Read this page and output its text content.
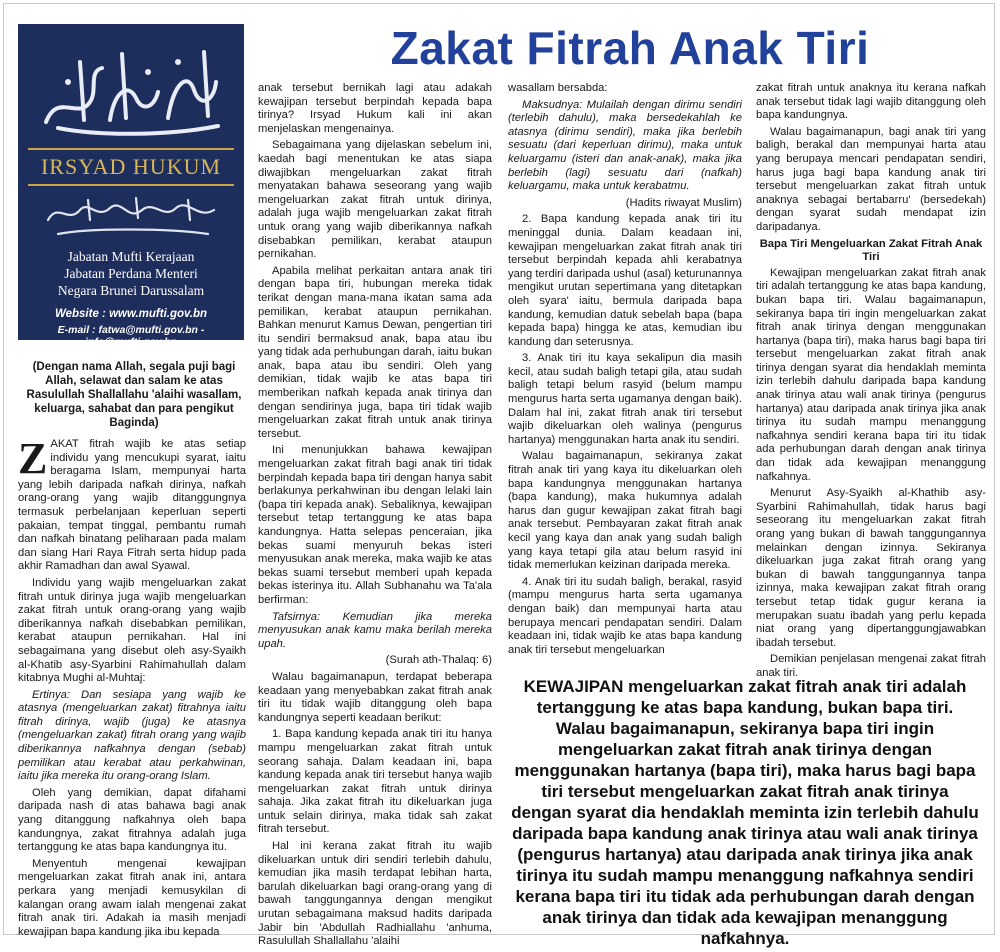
IRSYAD HUKUM
Jabatan Mufti Kerajaan
Jabatan Perdana Menteri
Negara Brunei Darussalam
Website : www.mufti.gov.bn
E-mail : fatwa@mufti.gov.bn - info@mufti.gov.bn
(Dengan nama Allah, segala puji bagi Allah, selawat dan salam ke atas Rasulullah Shallallahu 'alaihi wasallam, keluarga, sahabat dan para pengikut Baginda)
Zakat Fitrah Anak Tiri

ZAKAT fitrah wajib ke atas setiap individu yang mencukupi syarat, iaitu beragama Islam, mempunyai harta yang lebih daripada nafkah dirinya, nafkah orang-orang yang wajib ditanggungnya termasuk perbelanjaan keperluan seperti pakaian, tempat tinggal, pembantu rumah dan nafkah binatang peliharaan pada malam dan siang Hari Raya Fitrah serta hidup pada akhir Ramadhan dan awal Syawal.

Individu yang wajib mengeluarkan zakat fitrah untuk dirinya juga wajib mengeluarkan zakat fitrah untuk orang-orang yang wajib diberikannya nafkah disebabkan pemilikan, kerabat ataupun pernikahan. Hal ini sebagaimana yang disebut oleh asy-Syaikh al-Khatib asy-Syarbini Rahimahullah dalam kitabnya Mughi al-Muhtaj:

Ertinya: Dan sesiapa yang wajib ke atasnya (mengeluarkan zakat) fitrahnya iaitu fitrah dirinya, wajib (juga) ke atasnya (mengeluarkan zakat) fitrah orang yang wajib diberikannya nafkahnya dengan (sebab) pemilikan atau kerabat atau perkahwinan, iaitu jika mereka itu orang-orang Islam.

Oleh yang demikian, dapat difahami daripada nash di atas bahawa bagi anak yang ditanggung nafkahnya oleh bapa kandungnya, zakat fitrahnya adalah juga tertanggung ke atas bapa kandungnya itu.

Menyentuh mengenai kewajipan mengeluarkan zakat fitrah anak ini, antara perkara yang menjadi kemusykilan di kalangan orang awam ialah mengenai zakat fitrah anak tiri. Adakah ia masih menjadi kewajipan bapa kandung jika ibu kepada

anak tersebut bernikah lagi atau adakah kewajipan tersebut berpindah kepada bapa tirinya? Irsyad Hukum kali ini akan menjelaskan mengenainya.

Sebagaimana yang dijelaskan sebelum ini, kaedah bagi menentukan ke atas siapa diwajibkan mengeluarkan zakat fitrah menyatakan bahawa seseorang yang wajib mengeluarkan zakat fitrah untuk dirinya, adalah juga wajib mengeluarkan zakat fitrah untuk orang yang wajib diberikannya nafkah disebabkan pemilikan, kerabat ataupun pernikahan.

Apabila melihat perkaitan antara anak tiri dengan bapa tiri, hubungan mereka tidak terikat dengan mana-mana ikatan sama ada pemilikan, kerabat ataupun pernikahan. Bahkan menurut Kamus Dewan, pengertian tiri itu sendiri bermaksud anak, bapa atau ibu yang tidak ada perhubungan darah, iaitu bukan anak, bapa atau ibu sendiri. Oleh yang demikian, tidak wajib ke atas bapa tiri memberikan nafkah kepada anak tirinya dan dengan sendirinya juga, bapa tiri tidak wajib mengeluarkan zakat fitrah untuk anak tirinya tersebut.

Ini menunjukkan bahawa kewajipan mengeluarkan zakat fitrah bagi anak tiri tidak berpindah kepada bapa tiri dengan hanya sabit berlakunya perkahwinan ibu dengan lelaki lain (bapa tiri kepada anak). Sebaliknya, kewajipan tersebut tetap tertanggung ke atas bapa kandungnya. Hatta selepas penceraian, jika bekas suami menyuruh bekas isteri menyusukan anak mereka, maka wajib ke atas bekas suami tersebut memberi upah kepada bekas isterinya itu. Allah Subhanahu wa Ta'ala berfirman:

Tafsirnya: Kemudian jika mereka menyusukan anak kamu maka berilah mereka upah.

(Surah ath-Thalaq: 6)

Walau bagaimanapun, terdapat beberapa keadaan yang menyebabkan zakat fitrah anak tiri itu tidak wajib ditanggung oleh bapa kandungnya seperti keadaan berikut:

1. Bapa kandung kepada anak tiri itu hanya mampu mengeluarkan zakat fitrah untuk seorang sahaja. Dalam keadaan ini, bapa kandung kepada anak tiri tersebut hanya wajib mengeluarkan zakat fitrah untuk dirinya sahaja. Jika zakat fitrah itu dikeluarkan juga untuk selain dirinya, maka tidak sah zakat fitrah tersebut.

Hal ini kerana zakat fitrah itu wajib dikeluarkan untuk diri sendiri terlebih dahulu, kemudian jika masih terdapat lebihan harta, barulah dikeluarkan bagi orang-orang yang di bawah tanggungannya dengan mengikut urutan sebagaimana maksud hadits daripada Jabir bin 'Abdullah Radhiallahu 'anhuma, Rasulullah Shallallahu 'alaihi

wasallam bersabda:

Maksudnya: Mulailah dengan dirimu sendiri (terlebih dahulu), maka bersedekahlah ke atasnya (dirimu sendiri), maka jika berlebih sesuatu (dari keperluan dirimu), maka untuk keluargamu (isteri dan anak-anak), maka jika berlebih (lagi) sesuatu dari (nafkah) keluargamu, maka untuk kerabatmu.

(Hadits riwayat Muslim)

2. Bapa kandung kepada anak tiri itu meninggal dunia. Dalam keadaan ini, kewajipan mengeluarkan zakat fitrah anak tiri tersebut berpindah kepada ahli kerabatnya yang terdiri daripada ushul (asal) keturunannya mengikut urutan sepertimana yang ditetapkan oleh syara' iaitu, bermula daripada bapa kandung, kemudian datuk sebelah bapa (bapa kepada bapa) hingga ke atas, kemudian ibu kandung dan seterusnya.

3. Anak tiri itu kaya sekalipun dia masih kecil, atau sudah baligh tetapi gila, atau sudah baligh tetapi belum rasyid (belum mampu mengurus harta serta ugamanya dengan baik). Dalam hal ini, zakat fitrah anak tiri tersebut wajib dikeluarkan oleh walinya (pengurus hartanya) menggunakan harta anak itu sendiri.

Walau bagaimanapun, sekiranya zakat fitrah anak tiri yang kaya itu dikeluarkan oleh bapa kandungnya menggunakan hartanya (bapa kandung), maka hukumnya adalah harus dan gugur kewajipan zakat fitrah bagi anak tersebut. Pembayaran zakat fitrah anak kecil yang kaya dan anak yang sudah baligh yang kaya tetapi gila atau belum rasyid ini tidak memerlukan keizinan daripada mereka.

4. Anak tiri itu sudah baligh, berakal, rasyid (mampu mengurus harta serta ugamanya dengan baik) dan mempunyai harta atau berupaya mencari pendapatan sendiri. Dalam keadaan ini, tidak wajib ke atas bapa kandung anak tiri tersebut mengeluarkan

zakat fitrah untuk anaknya itu kerana nafkah anak tersebut tidak lagi wajib ditanggung oleh bapa kandungnya.

Walau bagaimanapun, bagi anak tiri yang baligh, berakal dan mempunyai harta atau yang berupaya mencari pendapatan sendiri, harus juga bagi bapa kandung anak tiri tersebut mengeluarkan zakat fitrah untuk anaknya sebagai bertabarru' (bersedekah) dengan syarat sudah mendapat izin daripadanya.

Bapa Tiri Mengeluarkan Zakat Fitrah Anak Tiri

Kewajipan mengeluarkan zakat fitrah anak tiri adalah tertanggung ke atas bapa kandung, bukan bapa tiri. Walau bagaimanapun, sekiranya bapa tiri ingin mengeluarkan zakat fitrah anak tirinya dengan menggunakan hartanya (bapa tiri), maka harus bagi bapa tiri tersebut mengeluarkan zakat fitrah anak tirinya dengan syarat dia hendaklah meminta izin terlebih dahulu daripada bapa kandung anak tirinya atau wali anak tirinya (pengurus hartanya) atau daripada anak tirinya jika anak tirinya itu sudah mampu menanggung nafkahnya sendiri kerana bapa tiri itu tidak ada perhubungan darah dengan anak tirinya dan tidak ada kewajipan menanggung nafkahnya.

Menurut Asy-Syaikh al-Khathib asy-Syarbini Rahimahullah, tidak harus bagi seseorang itu mengeluarkan zakat fitrah orang yang bukan di bawah tanggungannya melainkan dengan izinnya. Sekiranya dikeluarkan juga zakat fitrah orang yang bukan di bawah tanggungannya tanpa izinnya, maka kewajipan zakat fitrah orang tersebut tetap tidak gugur kerana ia merupakan suatu ibadah yang perlu kepada niat orang yang dipertanggungjawabkan ibadah tersebut.

Demikian penjelasan mengenai zakat fitrah anak tiri.

KEWAJIPAN mengeluarkan zakat fitrah anak tiri adalah tertanggung ke atas bapa kandung, bukan bapa tiri. Walau bagaimanapun, sekiranya bapa tiri ingin mengeluarkan zakat fitrah anak tirinya dengan menggunakan hartanya (bapa tiri), maka harus bagi bapa tiri tersebut mengeluarkan zakat fitrah anak tirinya dengan syarat dia hendaklah meminta izin terlebih dahulu daripada bapa kandung anak tirinya atau wali anak tirinya (pengurus hartanya) atau daripada anak tirinya jika anak tirinya itu sudah mampu menanggung nafkahnya sendiri kerana bapa tiri itu tidak ada perhubungan darah dengan anak tirinya dan tidak ada kewajipan menanggung nafkahnya.
